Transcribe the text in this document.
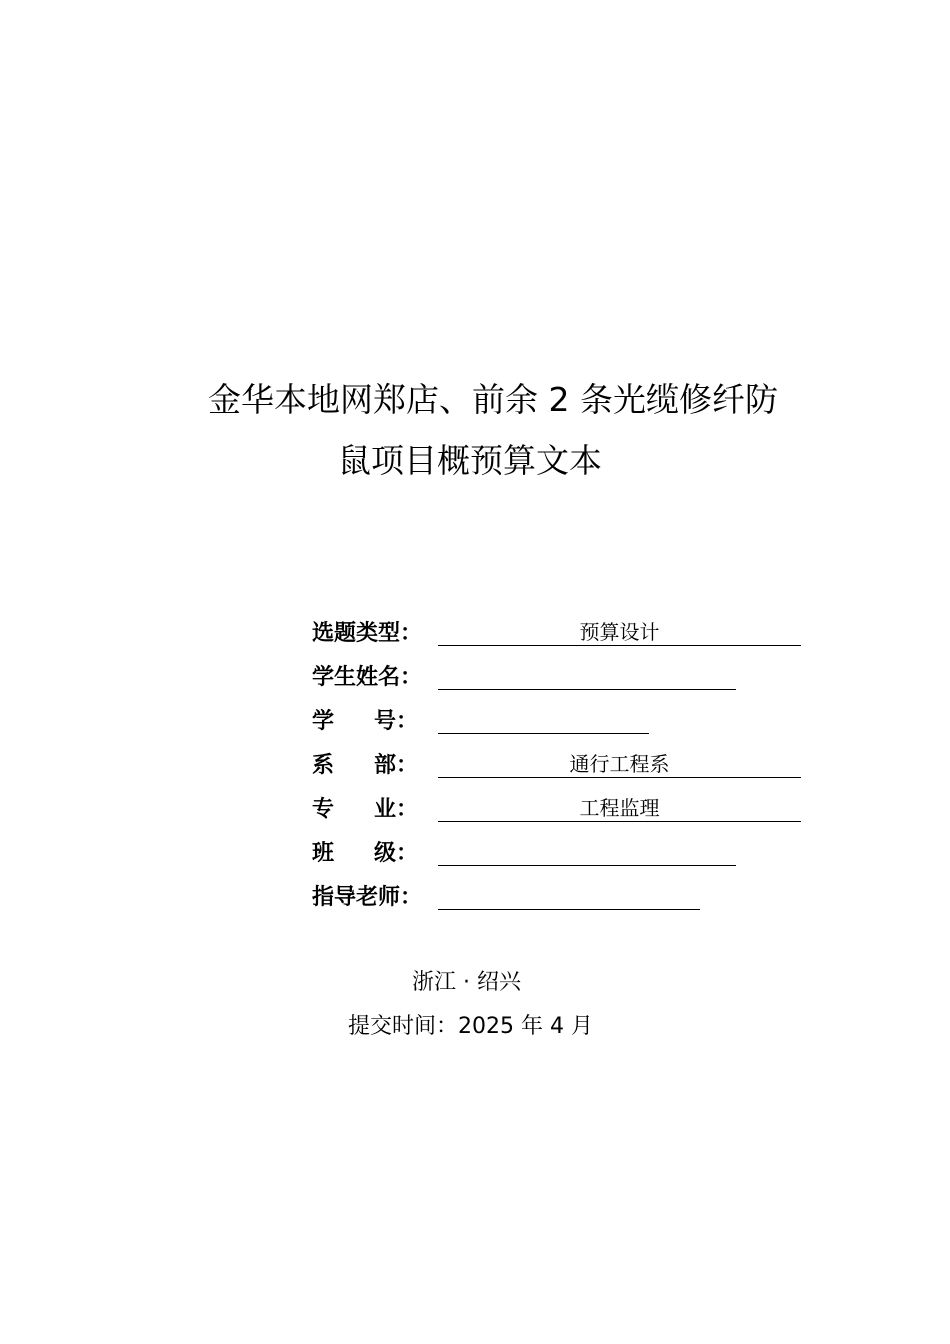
金华本地网郑店、前余 2 条光缆修纤防
鼠项目概预算文本
选题类型：	预算设计
学生姓名：
学 号：
系 部：	通行工程系
专 业：	工程监理
班 级：
指导老师：
浙江 · 绍兴
提交时间：2025 年 4 月
